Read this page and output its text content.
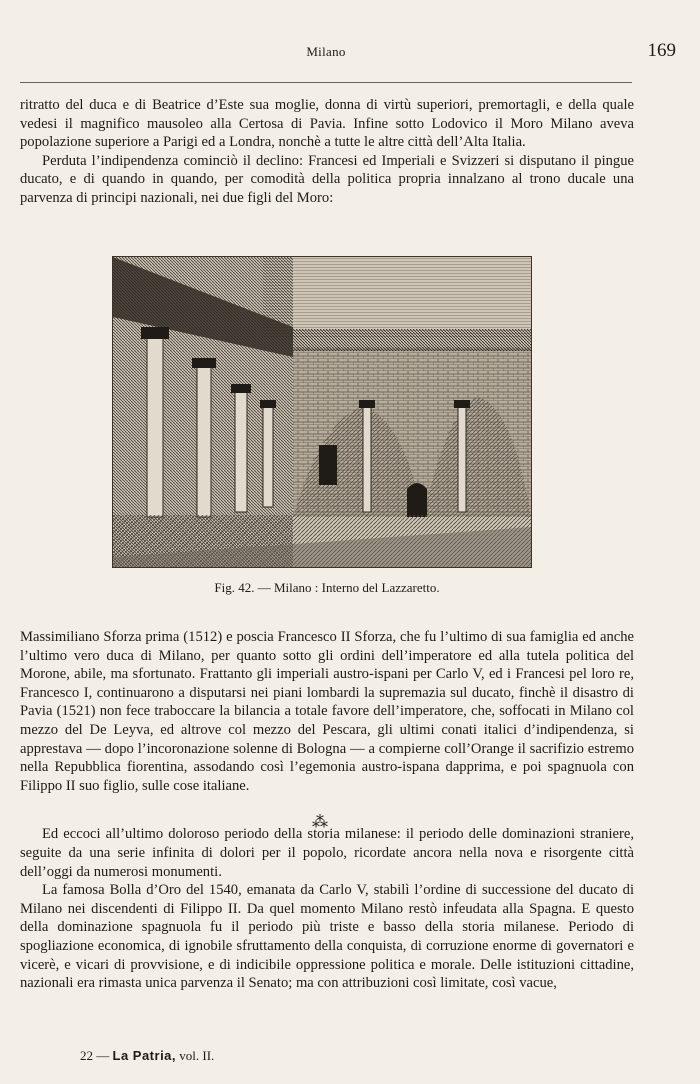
Milano	169

ritratto del duca e di Beatrice d’Este sua moglie, donna di virtù superiori, premortagli, e della quale vedesi il magnifico mausoleo alla Certosa di Pavia. Infine sotto Lodovico il Moro Milano aveva popolazione superiore a Parigi ed a Londra, nonchè a tutte le altre città dell’Alta Italia.

Perduta l’indipendenza cominciò il declino: Francesi ed Imperiali e Svizzeri si disputano il pingue ducato, e di quando in quando, per comodità della politica propria innalzano al trono ducale una parvenza di principi nazionali, nei due figli del Moro:

Fig. 42. — Milano : Interno del Lazzaretto.

Massimiliano Sforza prima (1512) e poscia Francesco II Sforza, che fu l’ultimo di sua famiglia ed anche l’ultimo vero duca di Milano, per quanto sotto gli ordini dell’imperatore ed alla tutela politica del Morone, abile, ma sfortunato. Frattanto gli imperiali austro-ispani per Carlo V, ed i Francesi pel loro re, Francesco I, continuarono a disputarsi nei piani lombardi la supremazia sul ducato, finchè il disastro di Pavia (1521) non fece traboccare la bilancia a totale favore dell’imperatore, che, soffocati in Milano col mezzo del De Leyva, ed altrove col mezzo del Pescara, gli ultimi conati italici d’indipendenza, si apprestava — dopo l’incoronazione solenne di Bologna — a compierne coll’Orange il sacrifizio estremo nella Repubblica fiorentina, assodando così l’egemonia austro-ispana dapprima, e poi spagnuola con Filippo II suo figlio, sulle cose italiane.

Ed eccoci all’ultimo doloroso periodo della storia milanese: il periodo delle dominazioni straniere, seguite da una serie infinita di dolori per il popolo, ricordate ancora nella nova e risorgente città dell’oggi da numerosi monumenti.

La famosa Bolla d’Oro del 1540, emanata da Carlo V, stabilì l’ordine di successione del ducato di Milano nei discendenti di Filippo II. Da quel momento Milano restò infeudata alla Spagna. E questo della dominazione spagnuola fu il periodo più triste e basso della storia milanese. Periodo di spogliazione economica, di ignobile sfruttamento della conquista, di corruzione enorme di governatori e vicerè, e vicari di provvisione, e di indicibile oppressione politica e morale. Delle istituzioni cittadine, nazionali era rimasta unica parvenza il Senato; ma con attribuzioni così limitate, così vacue,

⁂
22 — La Patria, vol. II.
